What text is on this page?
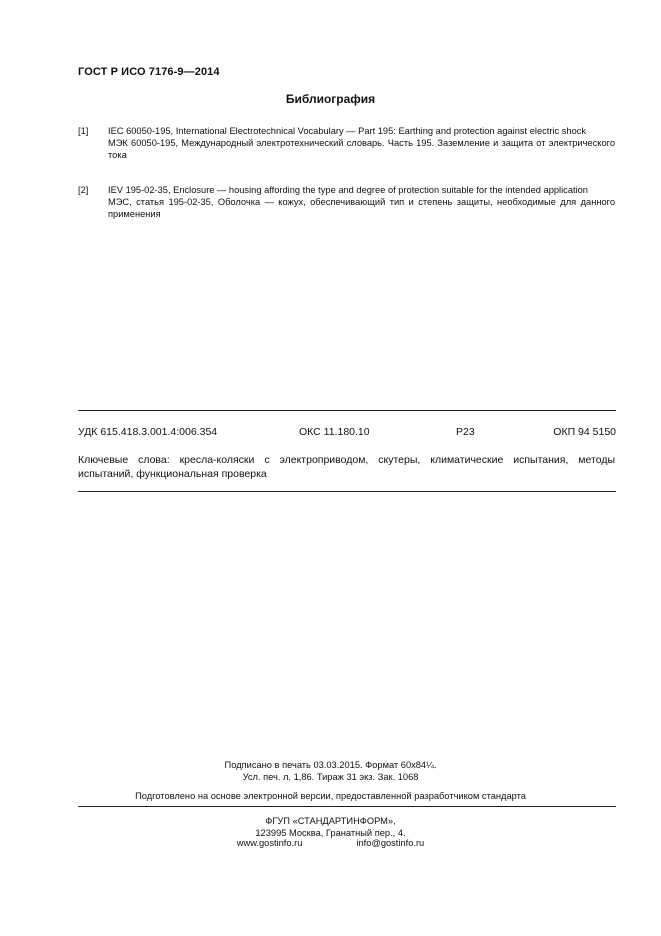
ГОСТ Р ИСО 7176-9—2014
Библиография
[1] IEC 60050-195, International Electrotechnical Vocabulary — Part 195: Earthing and protection against electric shock
МЭК 60050-195, Международный электротехнический словарь. Часть 195. Заземление и защита от электрического тока
[2] IEV 195-02-35, Enclosure — housing affording the type and degree of protection suitable for the intended application
МЭС, статья 195-02-35, Оболочка — кожух, обеспечивающий тип и степень защиты, необходимые для данного применения
УДК 615.418.3.001.4:006.354	ОКС 11.180.10	Р23	ОКП 94 5150
Ключевые слова: кресла-коляски с электроприводом, скутеры, климатические испытания, методы испытаний, функциональная проверка
Подписано в печать 03.03.2015. Формат 60x84¼.
Усл. печ. л. 1,86. Тираж 31 экз. Зак. 1068
Подготовлено на основе электронной версии, предоставленной разработчиком стандарта
ФГУП «СТАНДАРТИНФОРМ»,
123995 Москва, Гранатный пер., 4.
www.gostinfo.ru	info@gostinfo.ru
